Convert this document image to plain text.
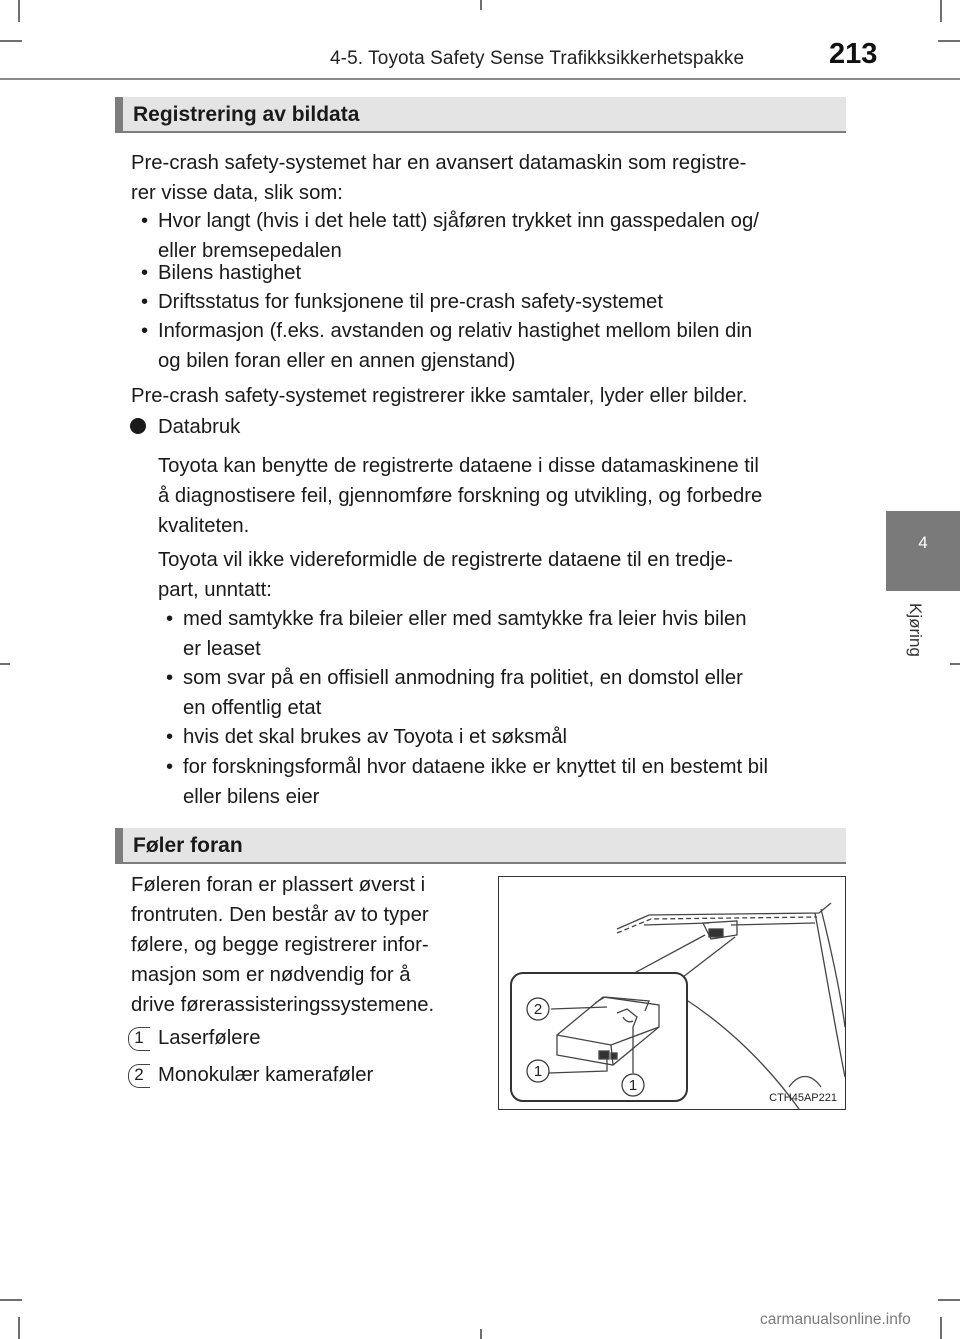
4-5. Toyota Safety Sense Trafikksikkerhetspakke	213
4
Kjøring
Registrering av bildata
Pre-crash safety-systemet har en avansert datamaskin som registre-
rer visse data, slik som:
• Hvor langt (hvis i det hele tatt) sjåføren trykket inn gasspedalen og/
eller bremsepedalen
• Bilens hastighet
• Driftsstatus for funksjonene til pre-crash safety-systemet
• Informasjon (f.eks. avstanden og relativ hastighet mellom bilen din
og bilen foran eller en annen gjenstand)
Pre-crash safety-systemet registrerer ikke samtaler, lyder eller bilder.
Databruk
Toyota kan benytte de registrerte dataene i disse datamaskinene til
å diagnostisere feil, gjennomføre forskning og utvikling, og forbedre
kvaliteten.
Toyota vil ikke videreformidle de registrerte dataene til en tredje-
part, unntatt:
• med samtykke fra bileier eller med samtykke fra leier hvis bilen
er leaset
• som svar på en offisiell anmodning fra politiet, en domstol eller
en offentlig etat
• hvis det skal brukes av Toyota i et søksmål
• for forskningsformål hvor dataene ikke er knyttet til en bestemt bil
eller bilens eier
Føler foran
Føleren foran er plassert øverst i
frontruten. Den består av to typer
følere, og begge registrerer infor-
masjon som er nødvendig for å
drive førerassisteringssystemene.
1 Laserfølere
2 Monokulær kameraføler
2
1
1
CTH45AP221
carmanualsonline.info
